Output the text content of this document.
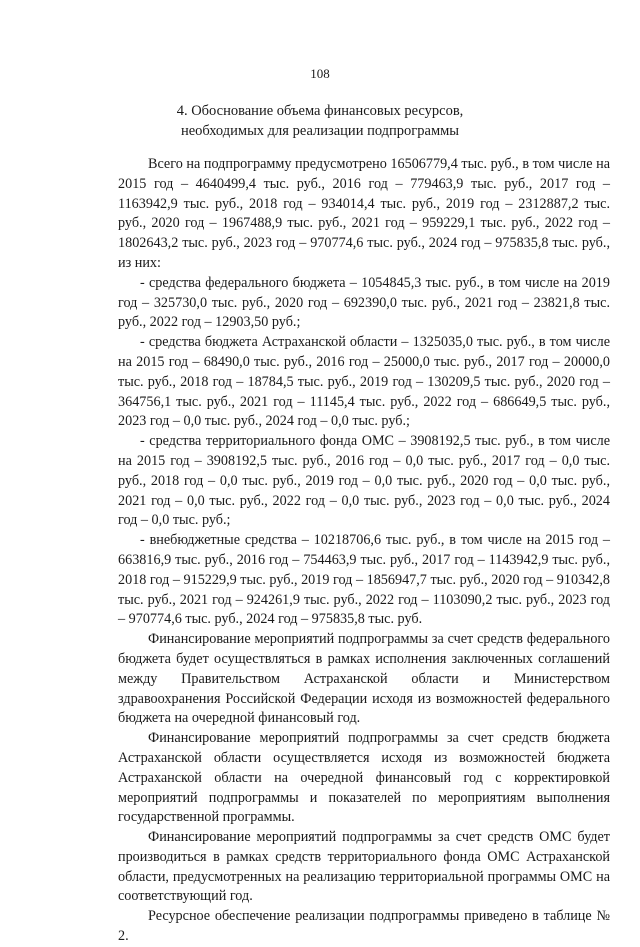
108
4. Обоснование объема финансовых ресурсов,
необходимых для реализации подпрограммы

Всего на подпрограмму предусмотрено 16506779,4 тыс. руб., в том числе на 2015 год – 4640499,4 тыс. руб., 2016 год – 779463,9 тыс. руб., 2017 год – 1163942,9 тыс. руб., 2018 год – 934014,4 тыс. руб., 2019 год – 2312887,2 тыс. руб., 2020 год – 1967488,9 тыс. руб., 2021 год – 959229,1 тыс. руб., 2022 год – 1802643,2 тыс. руб., 2023 год – 970774,6 тыс. руб., 2024 год – 975835,8 тыс. руб., из них:

- средства федерального бюджета – 1054845,3 тыс. руб., в том числе на 2019 год – 325730,0 тыс. руб., 2020 год – 692390,0 тыс. руб., 2021 год – 23821,8 тыс. руб., 2022 год – 12903,50 руб.;

- средства бюджета Астраханской области – 1325035,0 тыс. руб., в том числе на 2015 год – 68490,0 тыс. руб., 2016 год – 25000,0 тыс. руб., 2017 год – 20000,0 тыс. руб., 2018 год – 18784,5 тыс. руб., 2019 год – 130209,5 тыс. руб., 2020 год – 364756,1 тыс. руб., 2021 год – 11145,4 тыс. руб., 2022 год – 686649,5 тыс. руб., 2023 год – 0,0 тыс. руб., 2024 год – 0,0 тыс. руб.;

- средства территориального фонда ОМС – 3908192,5 тыс. руб., в том числе на 2015 год – 3908192,5 тыс. руб., 2016 год – 0,0 тыс. руб., 2017 год – 0,0 тыс. руб., 2018 год – 0,0 тыс. руб., 2019 год – 0,0 тыс. руб., 2020 год – 0,0 тыс. руб., 2021 год – 0,0 тыс. руб., 2022 год – 0,0 тыс. руб., 2023 год – 0,0 тыс. руб., 2024 год – 0,0 тыс. руб.;

- внебюджетные средства – 10218706,6 тыс. руб., в том числе на 2015 год – 663816,9 тыс. руб., 2016 год – 754463,9 тыс. руб., 2017 год – 1143942,9 тыс. руб., 2018 год – 915229,9 тыс. руб., 2019 год – 1856947,7 тыс. руб., 2020 год – 910342,8 тыс. руб., 2021 год – 924261,9 тыс. руб., 2022 год – 1103090,2 тыс. руб., 2023 год – 970774,6 тыс. руб., 2024 год – 975835,8 тыс. руб.

Финансирование мероприятий подпрограммы за счет средств федерального бюджета будет осуществляться в рамках исполнения заключенных соглашений между Правительством Астраханской области и Министерством здравоохранения Российской Федерации исходя из возможностей федерального бюджета на очередной финансовый год.

Финансирование мероприятий подпрограммы за счет средств бюджета Астраханской области осуществляется исходя из возможностей бюджета Астраханской области на очередной финансовый год с корректировкой мероприятий подпрограммы и показателей по мероприятиям выполнения государственной программы.

Финансирование мероприятий подпрограммы за счет средств ОМС будет производиться в рамках средств территориального фонда ОМС Астраханской области, предусмотренных на реализацию территориальной программы ОМС на соответствующий год.

Ресурсное обеспечение реализации подпрограммы приведено в таблице № 2.
